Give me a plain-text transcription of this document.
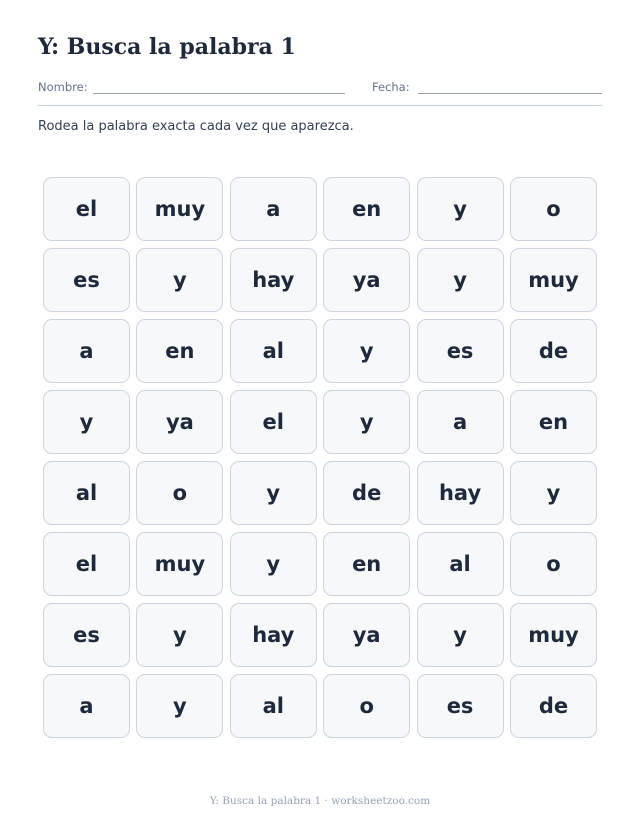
Y: Busca la palabra 1
Nombre:	Fecha:
Rodea la palabra exacta cada vez que aparezca.
el	muy	a	en	y	o
es	y	hay	ya	y	muy
a	en	al	y	es	de
y	ya	el	y	a	en
al	o	y	de	hay	y
el	muy	y	en	al	o
es	y	hay	ya	y	muy
a	y	al	o	es	de
Y: Busca la palabra 1 · worksheetzoo.com
